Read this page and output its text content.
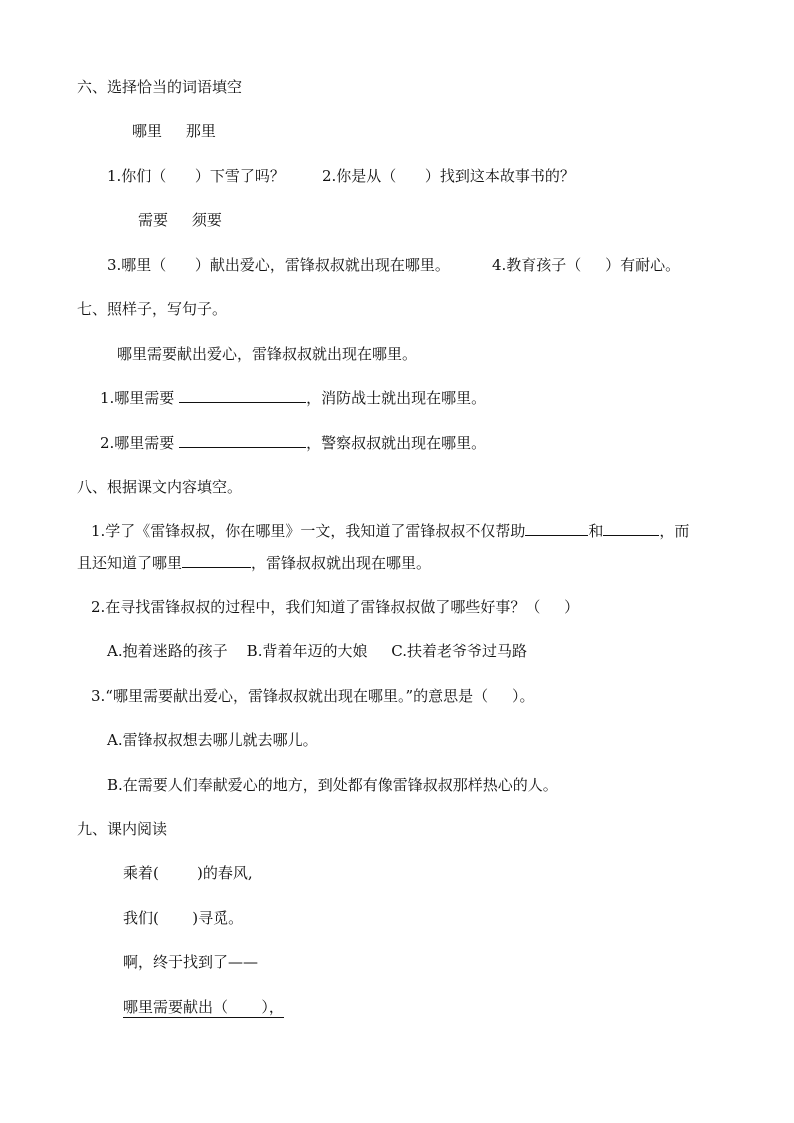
六、选择恰当的词语填空
哪里     那里
1.你们（      ）下雪了吗？ 2.你是从（      ）找到这本故事书的？
需要     须要
3.哪里（      ）献出爱心，雷锋叔叔就出现在哪里。	4.教育孩子（     ）有耐心。
七、照样子，写句子。
哪里需要献出爱心，雷锋叔叔就出现在哪里。
1.哪里需要	，消防战士就出现在哪里。
2.哪里需要	，警察叔叔就出现在哪里。
八、根据课文内容填空。
1.学了《雷锋叔叔，你在哪里》一文，我知道了雷锋叔叔不仅帮助	和	，而
且还知道了哪里	，雷锋叔叔就出现在哪里。
2.在寻找雷锋叔叔的过程中，我们知道了雷锋叔叔做了哪些好事？（     ）
A.抱着迷路的孩子    B.背着年迈的大娘     C.扶着老爷爷过马路
3.“哪里需要献出爱心，雷锋叔叔就出现在哪里。”的意思是（     ）。
A.雷锋叔叔想去哪儿就去哪儿。
B.在需要人们奉献爱心的地方，到处都有像雷锋叔叔那样热心的人。
九、课内阅读
乘着(        )的春风,
我们(       )寻觅。
啊，终于找到了——
哪里需要献出（       ），
